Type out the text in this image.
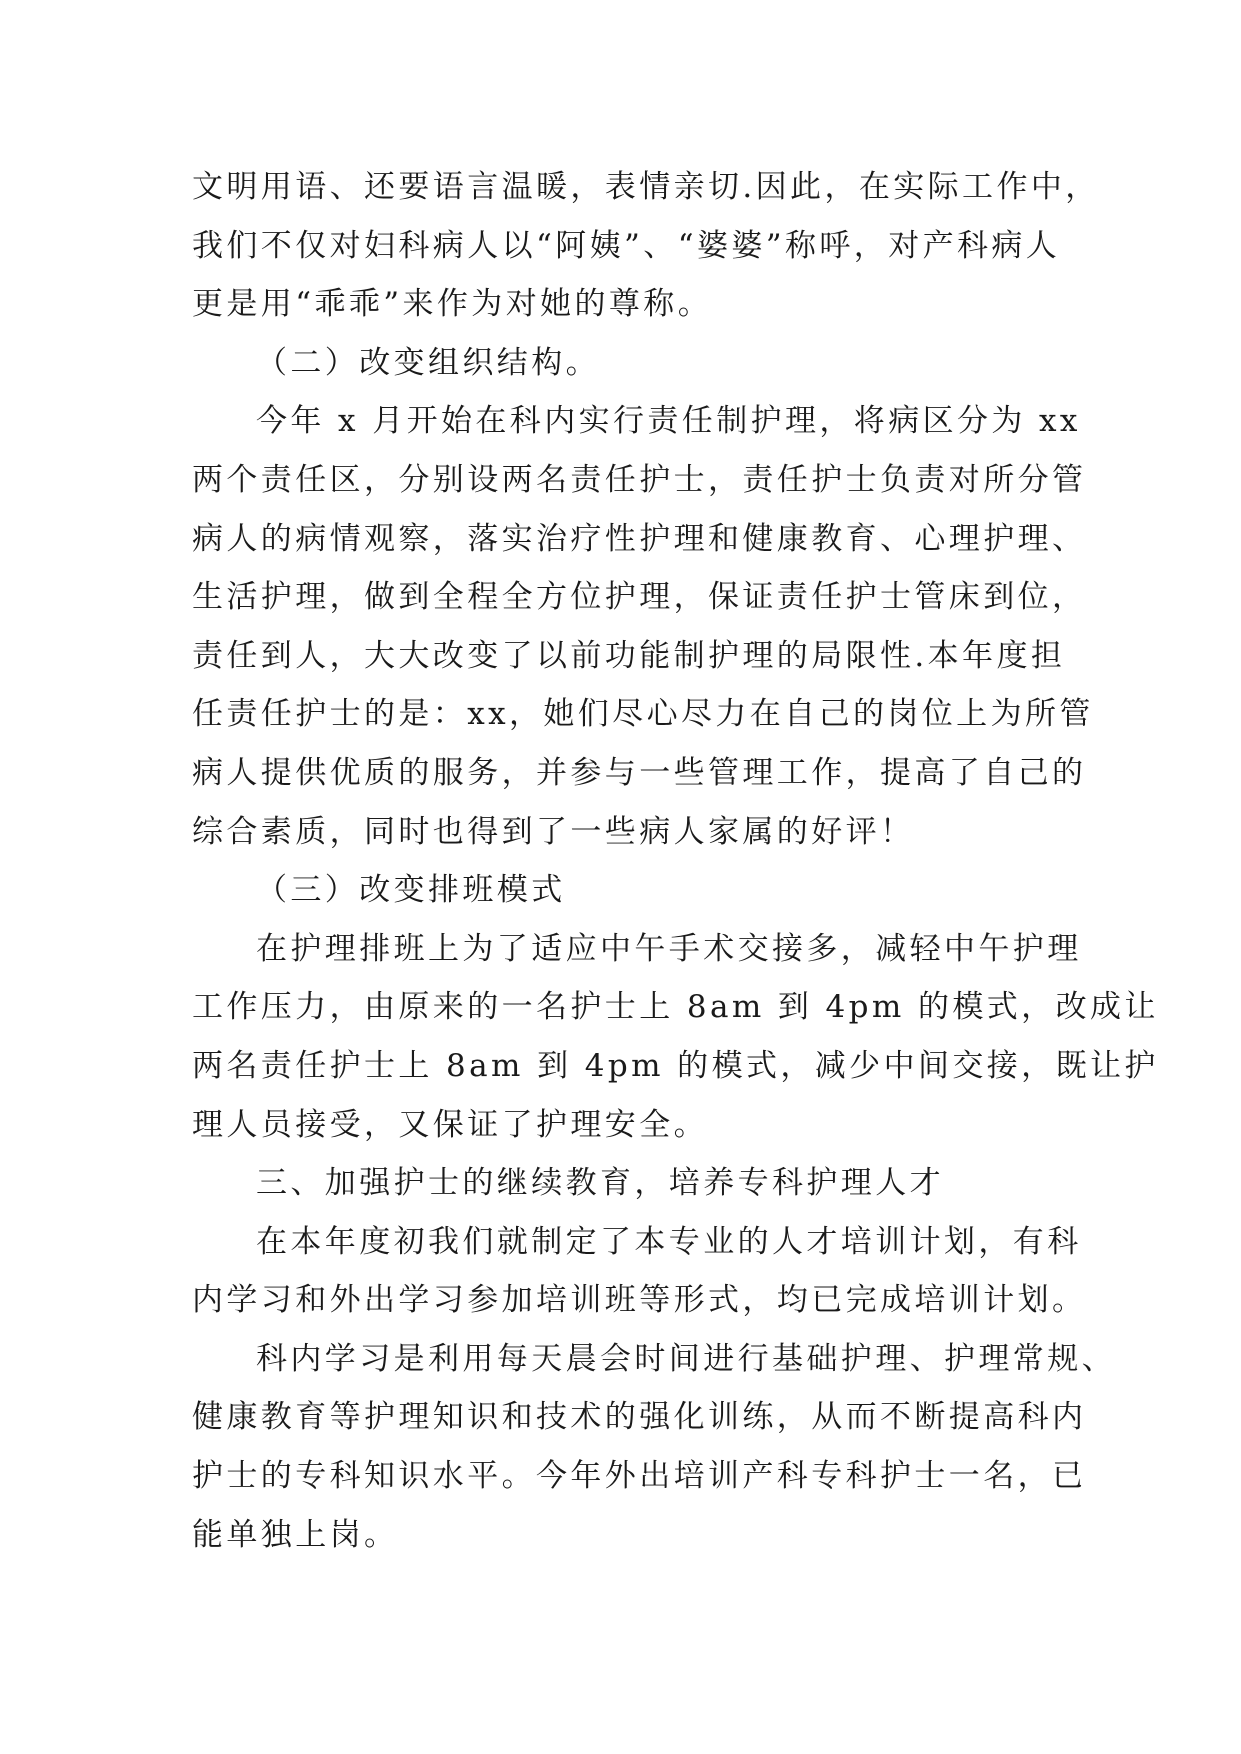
文明用语、还要语言温暖，表情亲切.因此，在实际工作中，
我们不仅对妇科病人以“阿姨”、“婆婆”称呼，对产科病人
更是用“乖乖”来作为对她的尊称。
（二）改变组织结构。
今年 x 月开始在科内实行责任制护理，将病区分为 xx
两个责任区，分别设两名责任护士，责任护士负责对所分管
病人的病情观察，落实治疗性护理和健康教育、心理护理、
生活护理，做到全程全方位护理，保证责任护士管床到位，
责任到人，大大改变了以前功能制护理的局限性.本年度担
任责任护士的是：xx，她们尽心尽力在自己的岗位上为所管
病人提供优质的服务，并参与一些管理工作，提高了自己的
综合素质，同时也得到了一些病人家属的好评！
（三）改变排班模式
在护理排班上为了适应中午手术交接多，减轻中午护理
工作压力，由原来的一名护士上 8am 到 4pm 的模式，改成让
两名责任护士上 8am 到 4pm 的模式，减少中间交接，既让护
理人员接受，又保证了护理安全。
三、加强护士的继续教育，培养专科护理人才
在本年度初我们就制定了本专业的人才培训计划，有科
内学习和外出学习参加培训班等形式，均已完成培训计划。
科内学习是利用每天晨会时间进行基础护理、护理常规、
健康教育等护理知识和技术的强化训练，从而不断提高科内
护士的专科知识水平。今年外出培训产科专科护士一名，已
能单独上岗。
